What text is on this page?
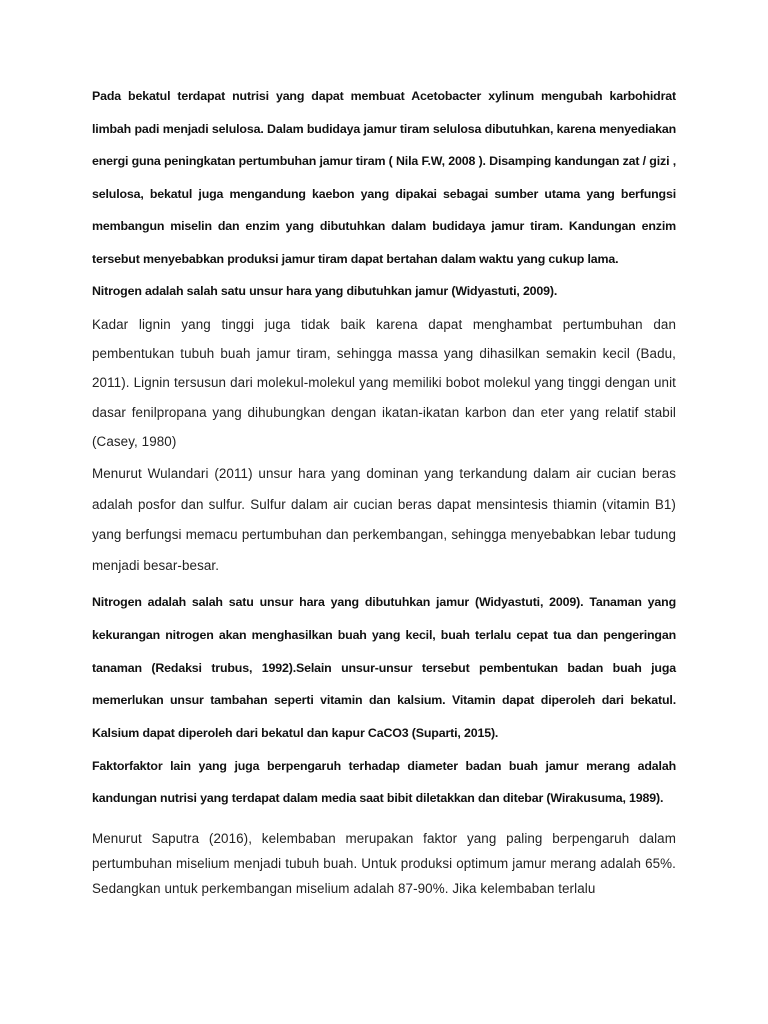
Pada bekatul terdapat nutrisi yang dapat membuat Acetobacter xylinum mengubah karbohidrat limbah padi menjadi selulosa. Dalam budidaya jamur tiram selulosa dibutuhkan, karena menyediakan energi guna peningkatan pertumbuhan jamur tiram ( Nila F.W, 2008 ). Disamping kandungan zat / gizi , selulosa, bekatul juga mengandung kaebon yang dipakai sebagai sumber utama yang berfungsi membangun miselin dan enzim yang dibutuhkan dalam budidaya jamur tiram. Kandungan enzim tersebut menyebabkan produksi jamur tiram dapat bertahan dalam waktu yang cukup lama.

Nitrogen adalah salah satu unsur hara yang dibutuhkan jamur (Widyastuti, 2009).

Kadar lignin yang tinggi juga tidak baik karena dapat menghambat pertumbuhan dan pembentukan tubuh buah jamur tiram, sehingga massa yang dihasilkan semakin kecil (Badu, 2011). Lignin tersusun dari molekul-molekul yang memiliki bobot molekul yang tinggi dengan unit dasar fenilpropana yang dihubungkan dengan ikatan-ikatan karbon dan eter yang relatif stabil (Casey, 1980)

Menurut Wulandari (2011) unsur hara yang dominan yang terkandung dalam air cucian beras adalah posfor dan sulfur. Sulfur dalam air cucian beras dapat mensintesis thiamin (vitamin B1) yang berfungsi memacu pertumbuhan dan perkembangan, sehingga menyebabkan lebar tudung menjadi besar-besar.

Nitrogen adalah salah satu unsur hara yang dibutuhkan jamur (Widyastuti, 2009). Tanaman yang kekurangan nitrogen akan menghasilkan buah yang kecil, buah terlalu cepat tua dan pengeringan tanaman (Redaksi trubus, 1992).Selain unsur-unsur tersebut pembentukan badan buah juga memerlukan unsur tambahan seperti vitamin dan kalsium. Vitamin dapat diperoleh dari bekatul. Kalsium dapat diperoleh dari bekatul dan kapur CaCO3 (Suparti, 2015).

Faktorfaktor lain yang juga berpengaruh terhadap diameter badan buah jamur merang adalah kandungan nutrisi yang terdapat dalam media saat bibit diletakkan dan ditebar (Wirakusuma, 1989).

Menurut Saputra (2016), kelembaban merupakan faktor yang paling berpengaruh dalam pertumbuhan miselium menjadi tubuh buah. Untuk produksi optimum jamur merang adalah 65%. Sedangkan untuk perkembangan miselium adalah 87-90%. Jika kelembaban terlalu
